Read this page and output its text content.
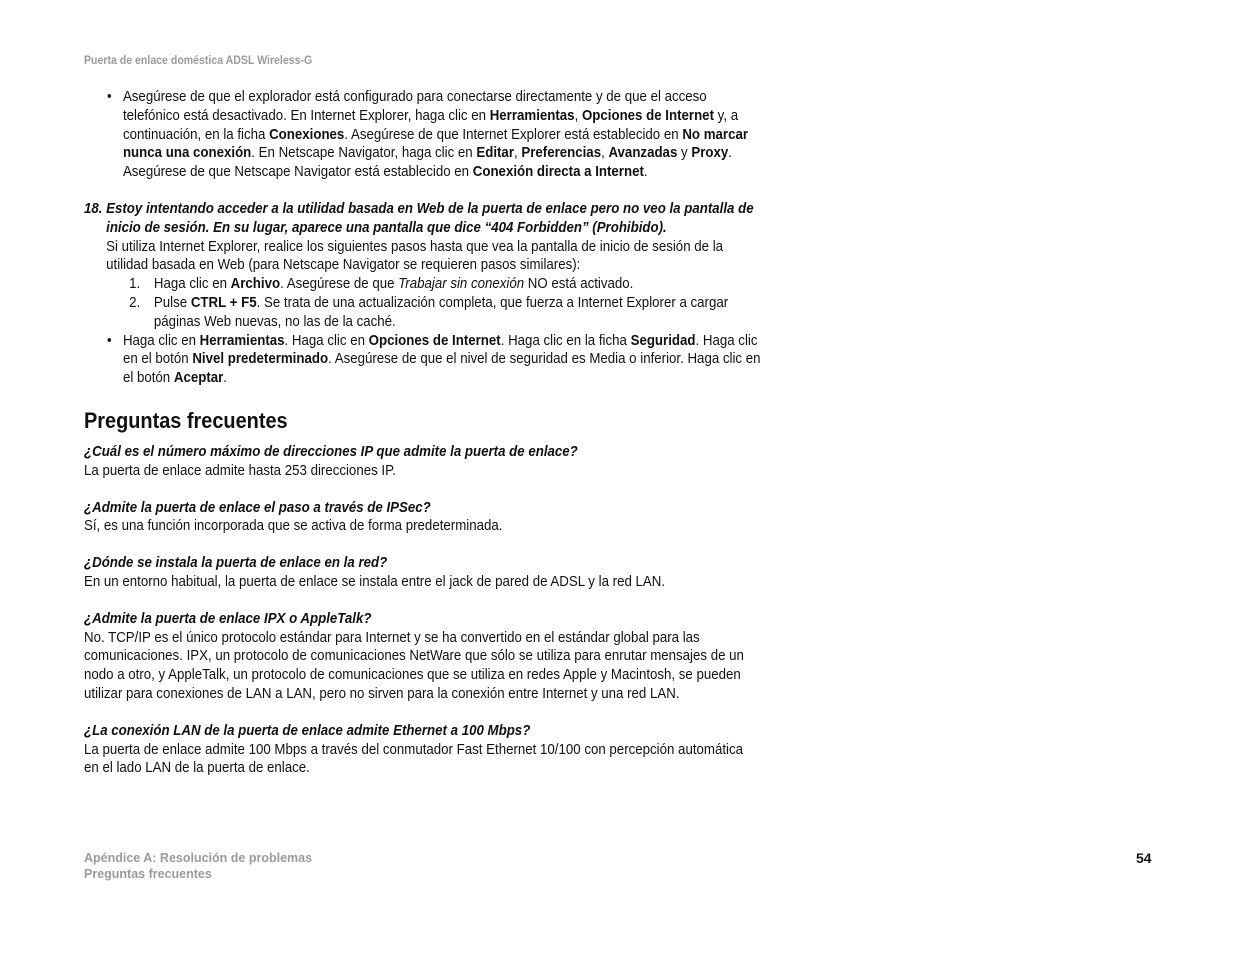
Puerta de enlace doméstica ADSL Wireless-G
• Asegúrese de que el explorador está configurado para conectarse directamente y de que el acceso telefónico está desactivado. En Internet Explorer, haga clic en Herramientas, Opciones de Internet y, a continuación, en la ficha Conexiones. Asegúrese de que Internet Explorer está establecido en No marcar nunca una conexión. En Netscape Navigator, haga clic en Editar, Preferencias, Avanzadas y Proxy. Asegúrese de que Netscape Navigator está establecido en Conexión directa a Internet.
18. Estoy intentando acceder a la utilidad basada en Web de la puerta de enlace pero no veo la pantalla de inicio de sesión. En su lugar, aparece una pantalla que dice “404 Forbidden” (Prohibido).

Si utiliza Internet Explorer, realice los siguientes pasos hasta que vea la pantalla de inicio de sesión de la utilidad basada en Web (para Netscape Navigator se requieren pasos similares):

1. Haga clic en Archivo. Asegúrese de que Trabajar sin conexión NO está activado.
2. Pulse CTRL + F5. Se trata de una actualización completa, que fuerza a Internet Explorer a cargar páginas Web nuevas, no las de la caché.
• Haga clic en Herramientas. Haga clic en Opciones de Internet. Haga clic en la ficha Seguridad. Haga clic en el botón Nivel predeterminado. Asegúrese de que el nivel de seguridad es Media o inferior. Haga clic en el botón Aceptar.
Preguntas frecuentes

¿Cuál es el número máximo de direcciones IP que admite la puerta de enlace?

La puerta de enlace admite hasta 253 direcciones IP.

¿Admite la puerta de enlace el paso a través de IPSec?

Sí, es una función incorporada que se activa de forma predeterminada.

¿Dónde se instala la puerta de enlace en la red?

En un entorno habitual, la puerta de enlace se instala entre el jack de pared de ADSL y la red LAN.

¿Admite la puerta de enlace IPX o AppleTalk?

No. TCP/IP es el único protocolo estándar para Internet y se ha convertido en el estándar global para las comunicaciones. IPX, un protocolo de comunicaciones NetWare que sólo se utiliza para enrutar mensajes de un nodo a otro, y AppleTalk, un protocolo de comunicaciones que se utiliza en redes Apple y Macintosh, se pueden utilizar para conexiones de LAN a LAN, pero no sirven para la conexión entre Internet y una red LAN.

¿La conexión LAN de la puerta de enlace admite Ethernet a 100 Mbps?

La puerta de enlace admite 100 Mbps a través del conmutador Fast Ethernet 10/100 con percepción automática en el lado LAN de la puerta de enlace.

Apéndice A: Resolución de problemas
Preguntas frecuentes
54
